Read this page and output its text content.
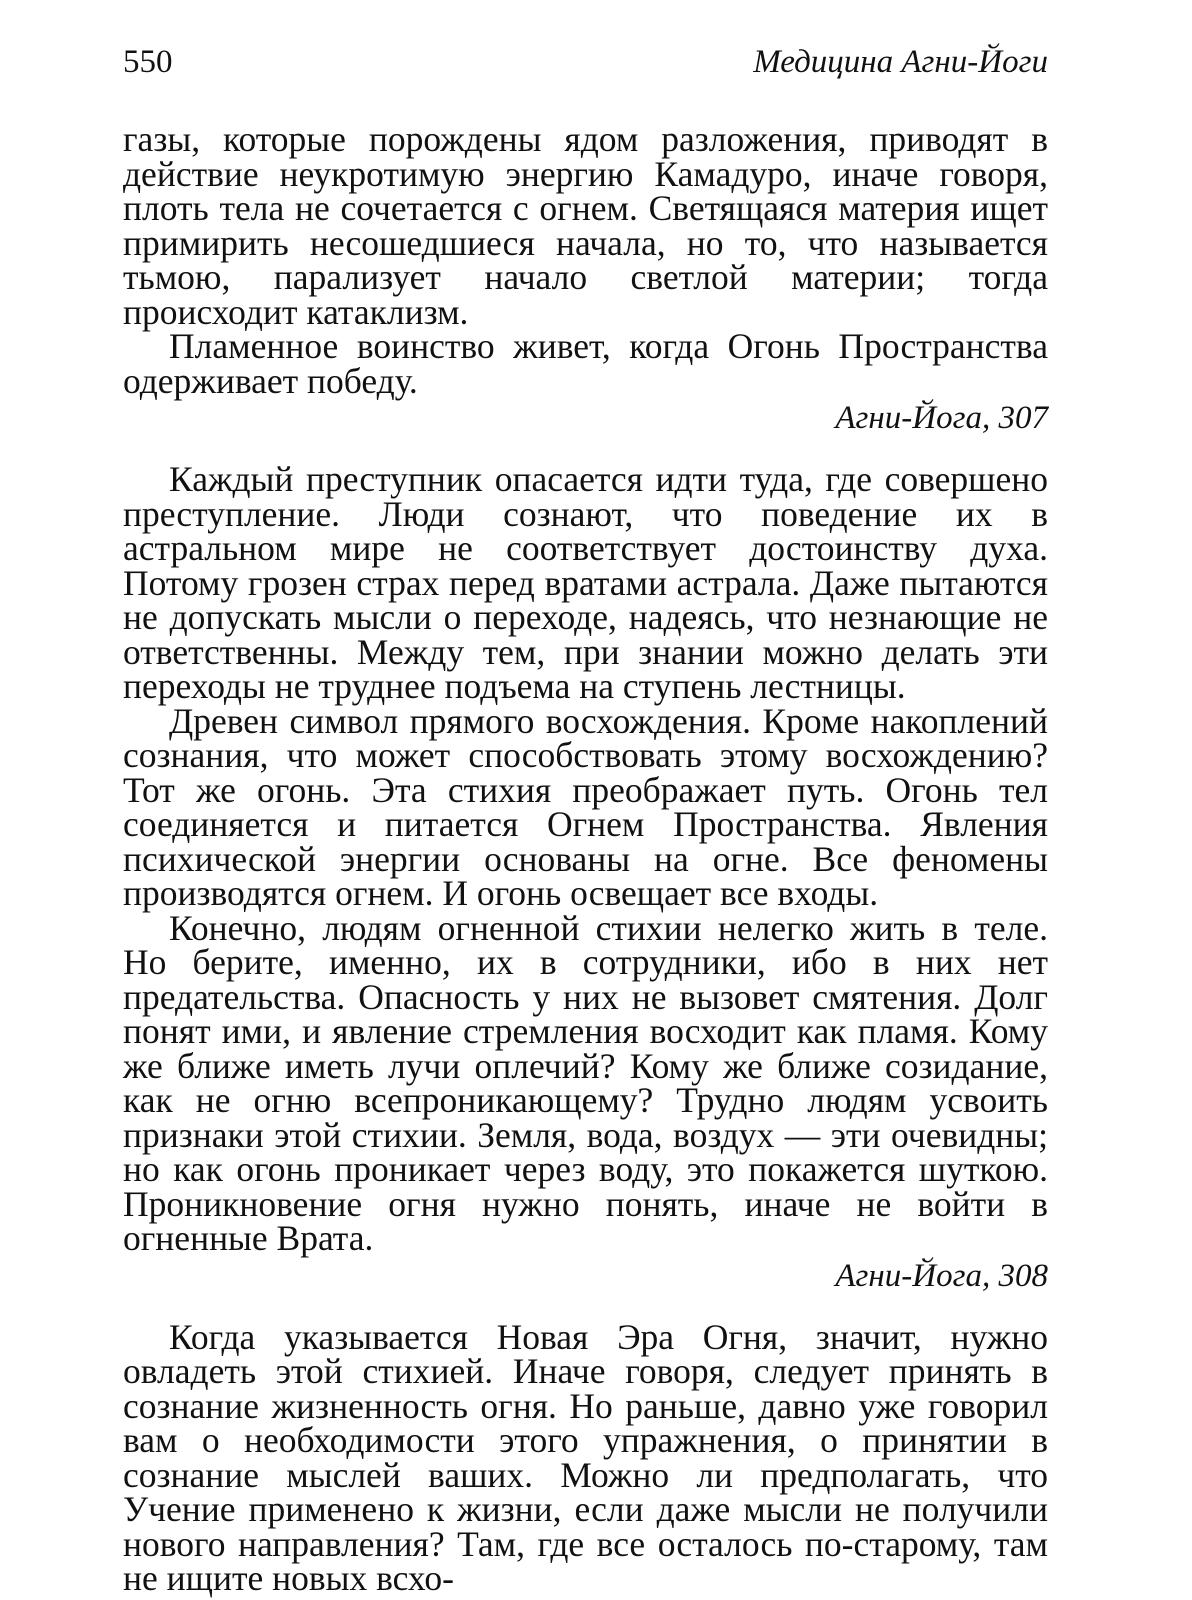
550	Медицина Агни-Йоги

газы, которые порождены ядом разложения, приводят в действие неукротимую энергию Камадуро, иначе говоря, плоть тела не сочетается с огнем. Светящаяся материя ищет примирить несошедшиеся начала, но то, что называется тьмою, парализует начало светлой материи; тогда происходит катаклизм.

Пламенное воинство живет, когда Огонь Пространства одерживает победу.

Агни-Йога, 307

Каждый преступник опасается идти туда, где совершено преступление. Люди сознают, что поведение их в астральном мире не соответствует достоинству духа. Потому грозен страх перед вратами астрала. Даже пытаются не допускать мысли о переходе, надеясь, что незнающие не ответственны. Между тем, при знании можно делать эти переходы не труднее подъема на ступень лестницы.

Древен символ прямого восхождения. Кроме накоплений сознания, что может способствовать этому восхождению? Тот же огонь. Эта стихия преображает путь. Огонь тел соединяется и питается Огнем Пространства. Явления психической энергии основаны на огне. Все феномены производятся огнем. И огонь освещает все входы.

Конечно, людям огненной стихии нелегко жить в теле. Но берите, именно, их в сотрудники, ибо в них нет предательства. Опасность у них не вызовет смятения. Долг понят ими, и явление стремления восходит как пламя. Кому же ближе иметь лучи оплечий? Кому же ближе созидание, как не огню всепроникающему? Трудно людям усвоить признаки этой стихии. Земля, вода, воздух — эти очевидны; но как огонь проникает через воду, это покажется шуткою. Проникновение огня нужно понять, иначе не войти в огненные Врата.

Агни-Йога, 308

Когда указывается Новая Эра Огня, значит, нужно овладеть этой стихией. Иначе говоря, следует принять в сознание жизненность огня. Но раньше, давно уже говорил вам о необходимости этого упражнения, о принятии в сознание мыслей ваших. Можно ли предполагать, что Учение применено к жизни, если даже мысли не получили нового направления? Там, где все осталось по-старому, там не ищите новых всхо-
